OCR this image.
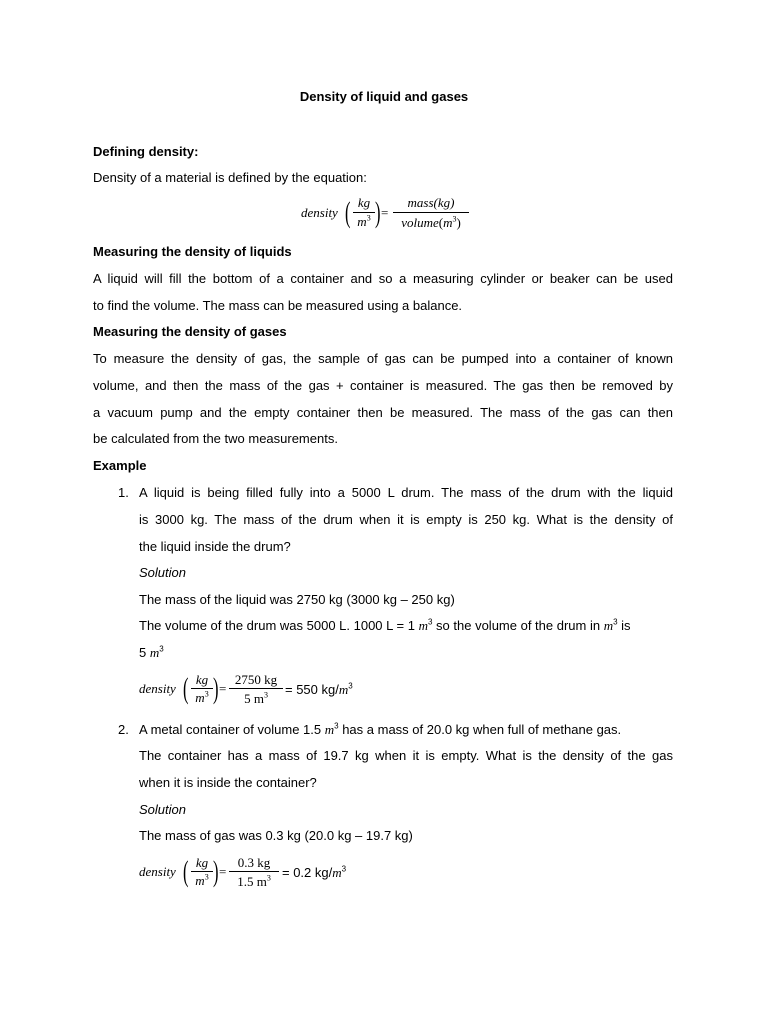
Density of liquid and gases
Defining density:
Density of a material is defined by the equation:
density ( kg
$m^3$ ) =
mass(kg)
$volume(m^3)$
Measuring the density of liquids
A liquid will fill the bottom of a container and so a measuring cylinder or beaker can be used
to find the volume. The mass can be measured using a balance.
Measuring the density of gases
To measure the density of gas, the sample of gas can be pumped into a container of known
volume, and then the mass of the gas + container is measured. The gas then be removed by
a vacuum pump and the empty container then be measured. The mass of the gas can then
be calculated from the two measurements.
Example
1. A liquid is being filled fully into a 5000 L drum. The mass of the drum with the liquid
is 3000 kg. The mass of the drum when it is empty is 250 kg. What is the density of
the liquid inside the drum?
Solution
The mass of the liquid was 2750 kg (3000 kg – 250 kg)
The volume of the drum was 5000 L. 1000 L = 1 $m^3$ so the volume of the drum in $m^3$ is
5 $m^3$
density ( kg
$m^3$ ) =
2750 kg
5 $m^3$	= 550 $kg/m^3$
2. A metal container of volume 1.5 $m^3$ has a mass of 20.0 kg when full of methane gas.
The container has a mass of 19.7 kg when it is empty. What is the density of the gas
when it is inside the container?
Solution
The mass of gas was 0.3 kg (20.0 kg – 19.7 kg)
density ( kg
$m^3$ ) =
0.3 kg
1.5 $m^3 = 0.2$ $kg/m^3$
